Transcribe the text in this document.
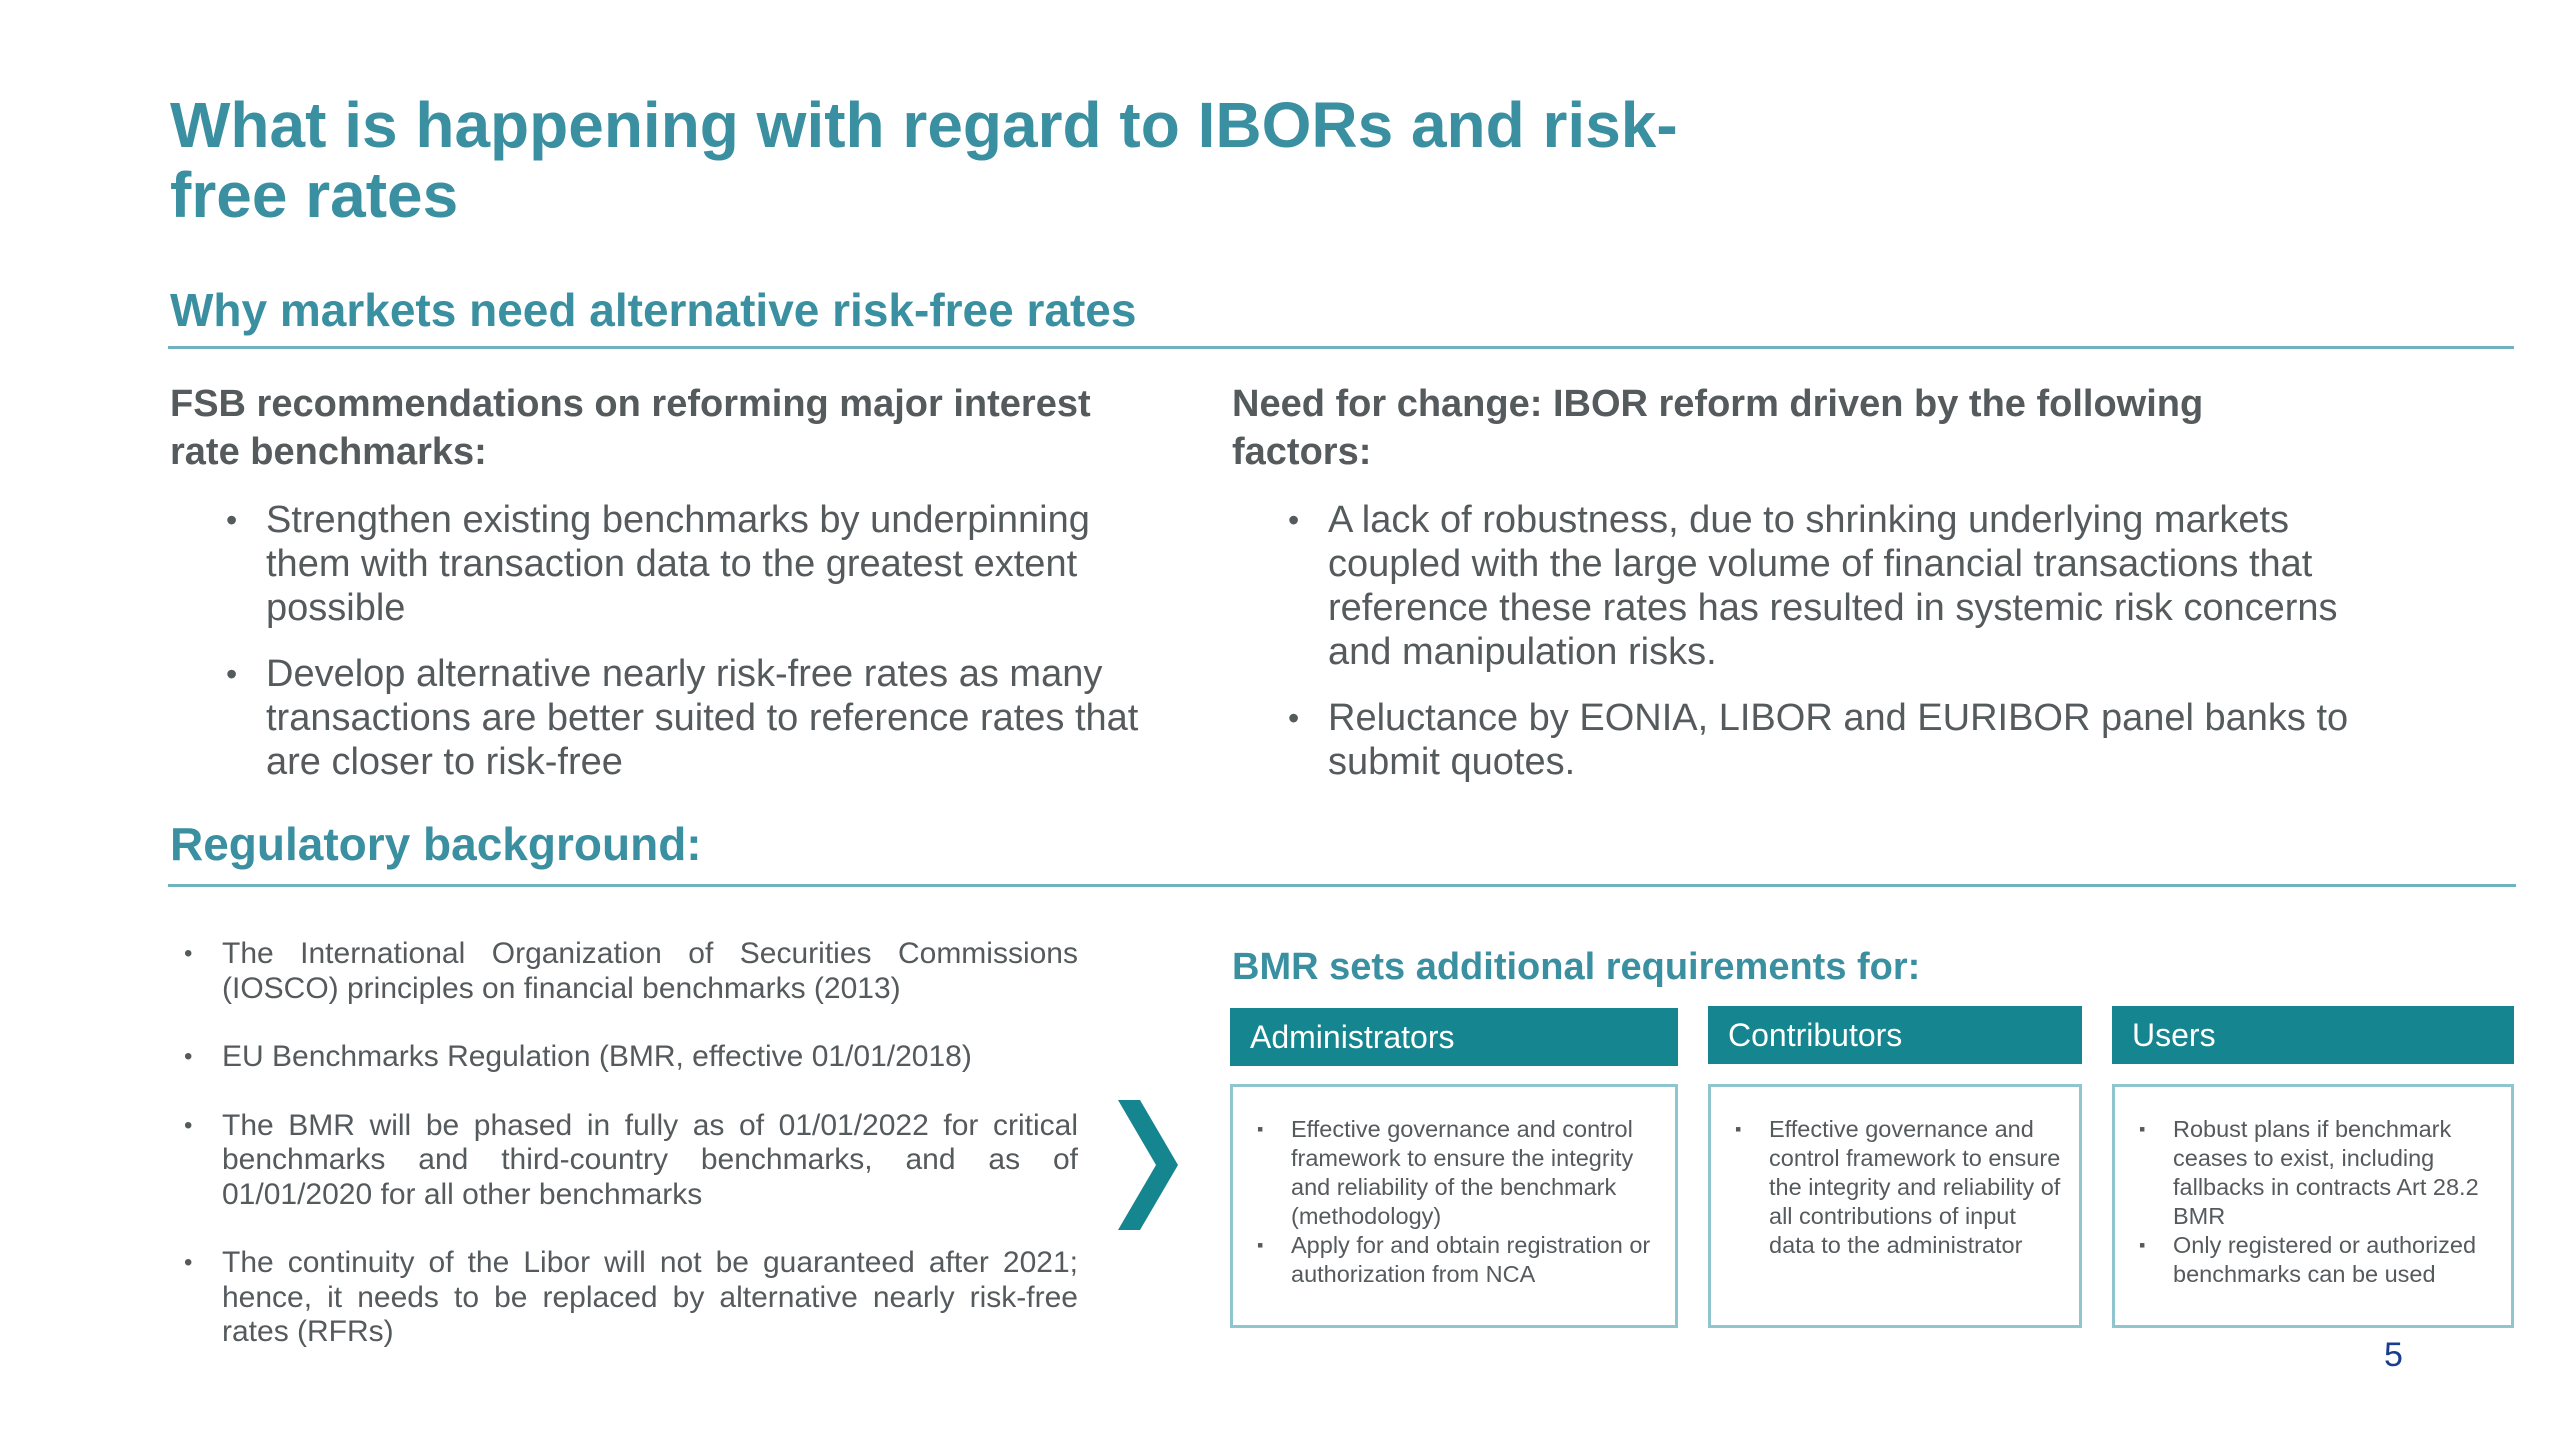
What is happening with regard to IBORs and risk-free rates
Why markets need alternative risk-free rates
FSB recommendations on reforming major interest rate benchmarks:
• Strengthen existing benchmarks by underpinning them with transaction data to the greatest extent possible
• Develop alternative nearly risk-free rates as many transactions are better suited to reference rates that are closer to risk-free
Need for change: IBOR reform driven by the following factors:
• A lack of robustness, due to shrinking underlying markets coupled with the large volume of financial transactions that reference these rates has resulted in systemic risk concerns and manipulation risks.
• Reluctance by EONIA, LIBOR and EURIBOR panel banks to submit quotes.
Regulatory background:
• The International Organization of Securities Commissions (IOSCO) principles on financial benchmarks (2013)
• EU Benchmarks Regulation (BMR, effective 01/01/2018)
• The BMR will be phased in fully as of 01/01/2022 for critical benchmarks and third-country benchmarks, and as of 01/01/2020 for all other benchmarks
• The continuity of the Libor will not be guaranteed after 2021; hence, it needs to be replaced by alternative nearly risk-free rates (RFRs)
BMR sets additional requirements for:
Administrators
▪ Effective governance and control framework to ensure the integrity and reliability of the benchmark (methodology)
▪ Apply for and obtain registration or authorization from NCA
Contributors
▪ Effective governance and control framework to ensure the integrity and reliability of all contributions of input data to the administrator
Users
▪ Robust plans if benchmark ceases to exist, including fallbacks in contracts Art 28.2 BMR
▪ Only registered or authorized benchmarks can be used
5
